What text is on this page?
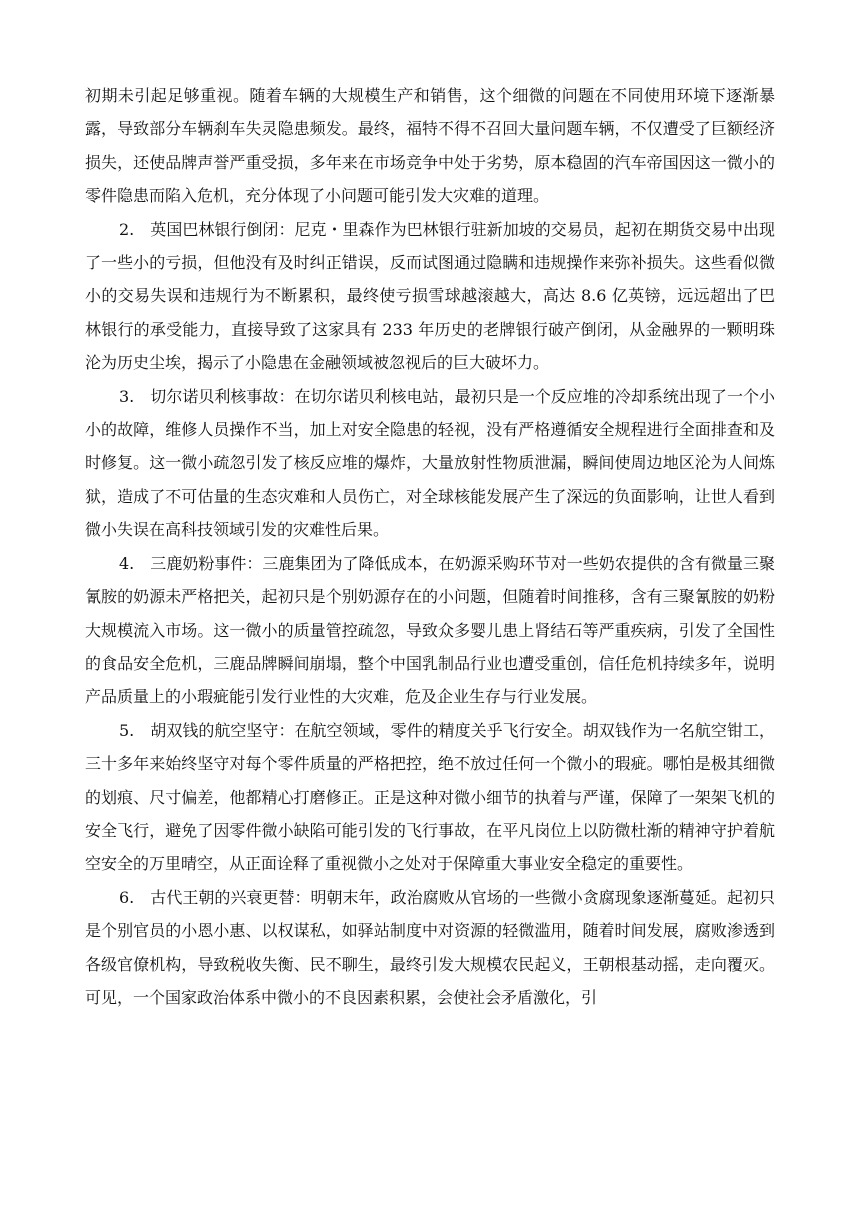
初期未引起足够重视。随着车辆的大规模生产和销售，这个细微的问题在不同使用环境下逐渐暴露，导致部分车辆刹车失灵隐患频发。最终，福特不得不召回大量问题车辆，不仅遭受了巨额经济损失，还使品牌声誉严重受损，多年来在市场竞争中处于劣势，原本稳固的汽车帝国因这一微小的零件隐患而陷入危机，充分体现了小问题可能引发大灾难的道理。

2.　英国巴林银行倒闭：尼克・里森作为巴林银行驻新加坡的交易员，起初在期货交易中出现了一些小的亏损，但他没有及时纠正错误，反而试图通过隐瞒和违规操作来弥补损失。这些看似微小的交易失误和违规行为不断累积，最终使亏损雪球越滚越大，高达 8.6 亿英镑，远远超出了巴林银行的承受能力，直接导致了这家具有 233 年历史的老牌银行破产倒闭，从金融界的一颗明珠沦为历史尘埃，揭示了小隐患在金融领域被忽视后的巨大破坏力。

3.　切尔诺贝利核事故：在切尔诺贝利核电站，最初只是一个反应堆的冷却系统出现了一个小小的故障，维修人员操作不当，加上对安全隐患的轻视，没有严格遵循安全规程进行全面排查和及时修复。这一微小疏忽引发了核反应堆的爆炸，大量放射性物质泄漏，瞬间使周边地区沦为人间炼狱，造成了不可估量的生态灾难和人员伤亡，对全球核能发展产生了深远的负面影响，让世人看到微小失误在高科技领域引发的灾难性后果。

4.　三鹿奶粉事件：三鹿集团为了降低成本，在奶源采购环节对一些奶农提供的含有微量三聚氰胺的奶源未严格把关，起初只是个别奶源存在的小问题，但随着时间推移，含有三聚氰胺的奶粉大规模流入市场。这一微小的质量管控疏忽，导致众多婴儿患上肾结石等严重疾病，引发了全国性的食品安全危机，三鹿品牌瞬间崩塌，整个中国乳制品行业也遭受重创，信任危机持续多年，说明产品质量上的小瑕疵能引发行业性的大灾难，危及企业生存与行业发展。

5.　胡双钱的航空坚守：在航空领域，零件的精度关乎飞行安全。胡双钱作为一名航空钳工，三十多年来始终坚守对每个零件质量的严格把控，绝不放过任何一个微小的瑕疵。哪怕是极其细微的划痕、尺寸偏差，他都精心打磨修正。正是这种对微小细节的执着与严谨，保障了一架架飞机的安全飞行，避免了因零件微小缺陷可能引发的飞行事故，在平凡岗位上以防微杜渐的精神守护着航空安全的万里晴空，从正面诠释了重视微小之处对于保障重大事业安全稳定的重要性。

6.　古代王朝的兴衰更替：明朝末年，政治腐败从官场的一些微小贪腐现象逐渐蔓延。起初只是个别官员的小恩小惠、以权谋私，如驿站制度中对资源的轻微滥用，随着时间发展，腐败渗透到各级官僚机构，导致税收失衡、民不聊生，最终引发大规模农民起义，王朝根基动摇，走向覆灭。可见，一个国家政治体系中微小的不良因素积累，会使社会矛盾激化，引
